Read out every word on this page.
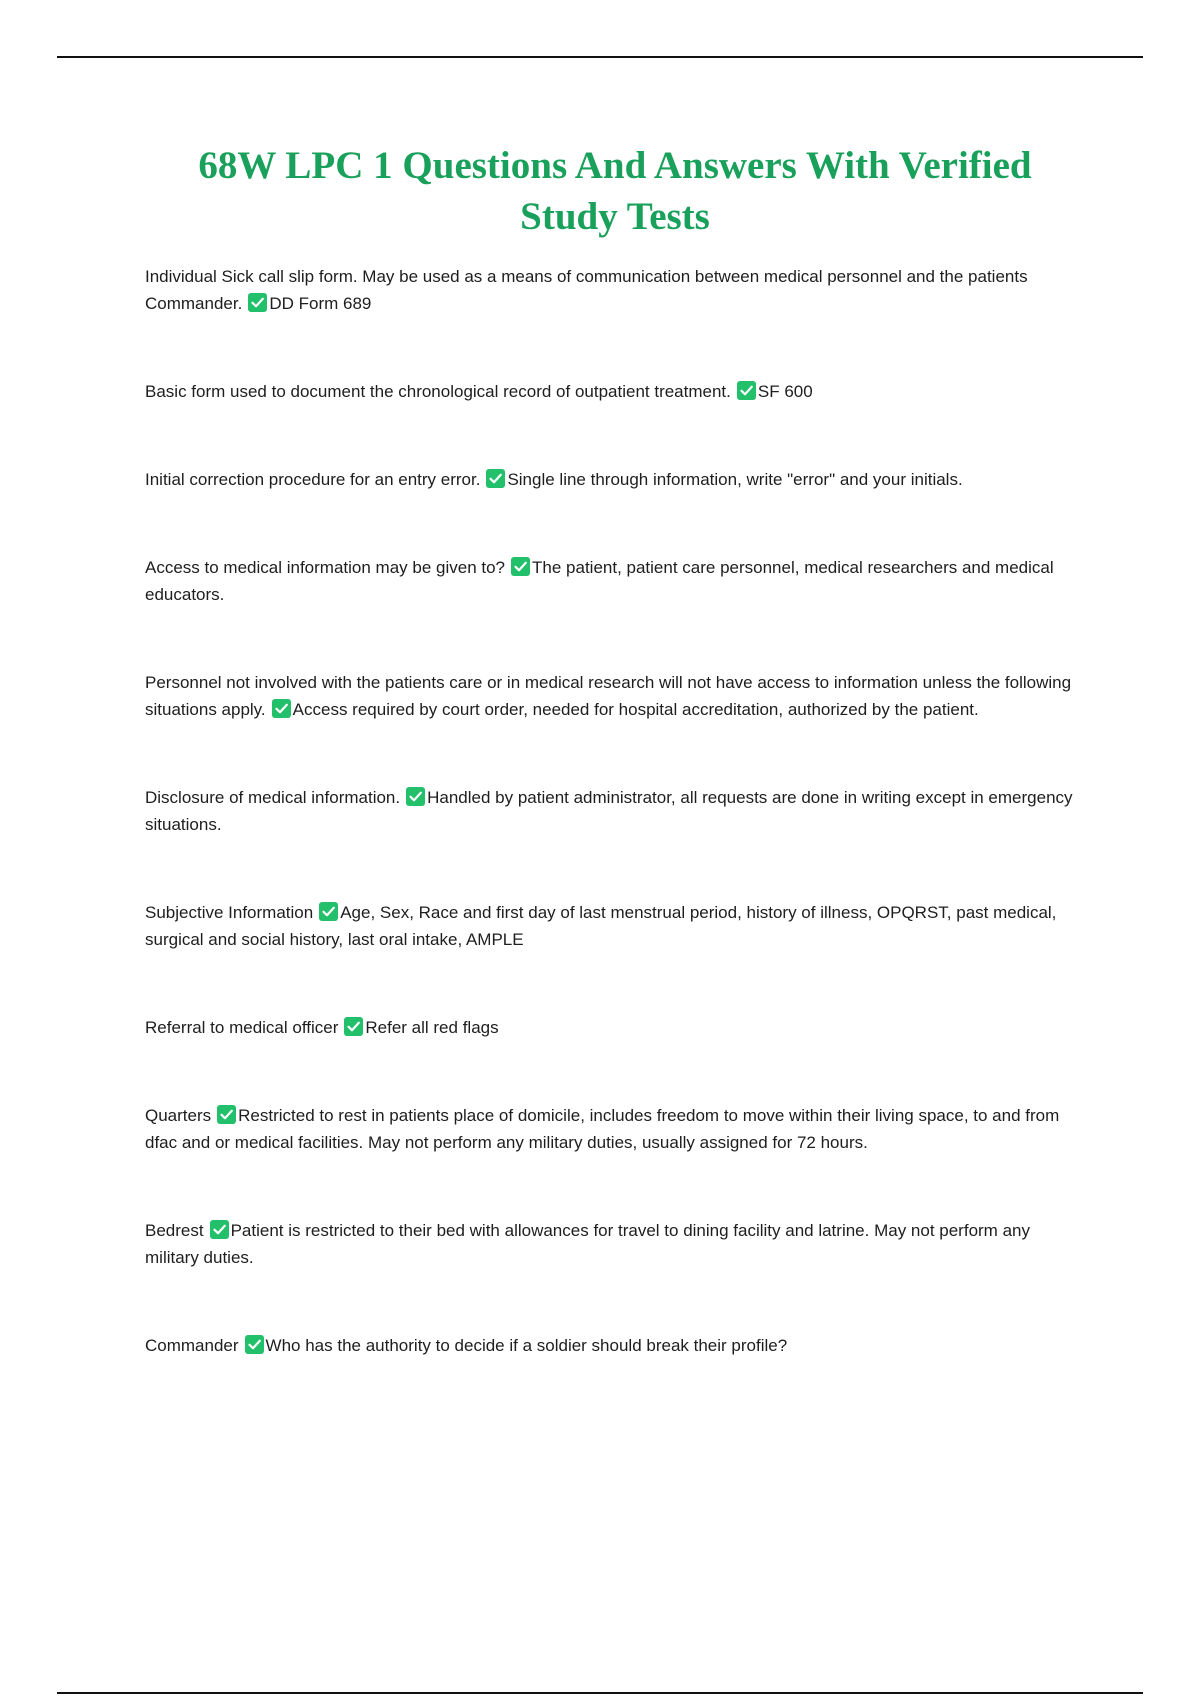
68W LPC 1 Questions And Answers With Verified Study Tests

Individual Sick call slip form. May be used as a means of communication between medical personnel and the patients Commander. DD Form 689

Basic form used to document the chronological record of outpatient treatment. SF 600

Initial correction procedure for an entry error. Single line through information, write "error" and your initials.

Access to medical information may be given to? The patient, patient care personnel, medical researchers and medical educators.

Personnel not involved with the patients care or in medical research will not have access to information unless the following situations apply. Access required by court order, needed for hospital accreditation, authorized by the patient.

Disclosure of medical information. Handled by patient administrator, all requests are done in writing except in emergency situations.

Subjective Information Age, Sex, Race and first day of last menstrual period, history of illness, OPQRST, past medical, surgical and social history, last oral intake, AMPLE

Referral to medical officer Refer all red flags

Quarters Restricted to rest in patients place of domicile, includes freedom to move within their living space, to and from dfac and or medical facilities. May not perform any military duties, usually assigned for 72 hours.

Bedrest Patient is restricted to their bed with allowances for travel to dining facility and latrine. May not perform any military duties.

Commander Who has the authority to decide if a soldier should break their profile?
